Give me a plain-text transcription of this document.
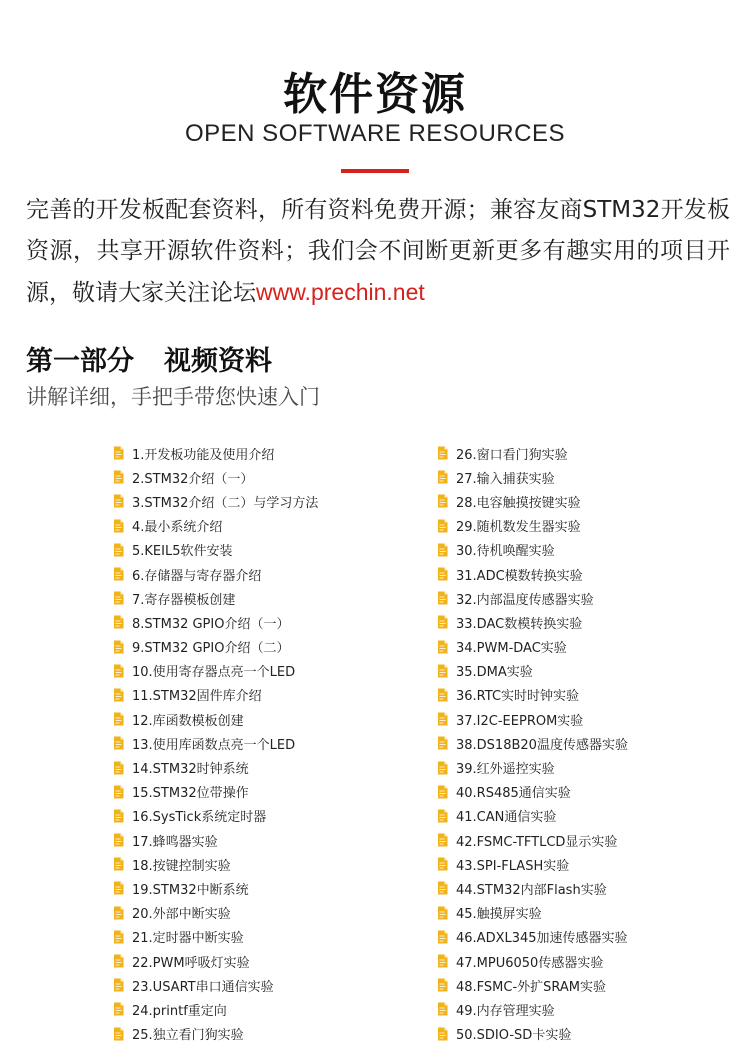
软件资源
OPEN SOFTWARE RESOURCES

完善的开发板配套资料，所有资料免费开源；兼容友商STM32开发板资源，共享开源软件资料；我们会不间断更新更多有趣实用的项目开源，敬请大家关注论坛www.prechin.net

第一部分 视频资料
讲解详细，手把手带您快速入门
1.开发板功能及使用介绍
2.STM32介绍（一）
3.STM32介绍（二）与学习方法
4.最小系统介绍
5.KEIL5软件安装
6.存储器与寄存器介绍
7.寄存器模板创建
8.STM32 GPIO介绍（一）
9.STM32 GPIO介绍（二）
10.使用寄存器点亮一个LED
11.STM32固件库介绍
12.库函数模板创建
13.使用库函数点亮一个LED
14.STM32时钟系统
15.STM32位带操作
16.SysTick系统定时器
17.蜂鸣器实验
18.按键控制实验
19.STM32中断系统
20.外部中断实验
21.定时器中断实验
22.PWM呼吸灯实验
23.USART串口通信实验
24.printf重定向
25.独立看门狗实验
26.窗口看门狗实验
27.输入捕获实验
28.电容触摸按键实验
29.随机数发生器实验
30.待机唤醒实验
31.ADC模数转换实验
32.内部温度传感器实验
33.DAC数模转换实验
34.PWM-DAC实验
35.DMA实验
36.RTC实时时钟实验
37.I2C-EEPROM实验
38.DS18B20温度传感器实验
39.红外遥控实验
40.RS485通信实验
41.CAN通信实验
42.FSMC-TFTLCD显示实验
43.SPI-FLASH实验
44.STM32内部Flash实验
45.触摸屏实验
46.ADXL345加速传感器实验
47.MPU6050传感器实验
48.FSMC-外扩SRAM实验
49.内存管理实验
50.SDIO-SD卡实验
